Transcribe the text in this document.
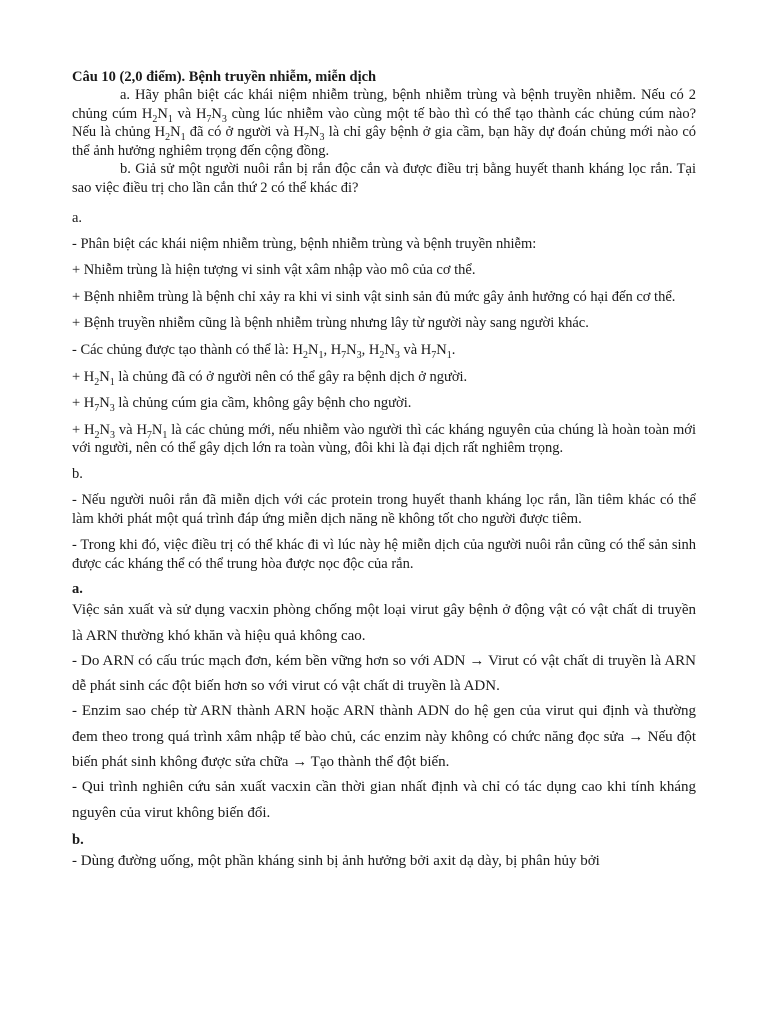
Câu 10 (2,0 điểm). Bệnh truyền nhiễm, miễn dịch

a. Hãy phân biệt các khái niệm nhiễm trùng, bệnh nhiễm trùng và bệnh truyền nhiễm. Nếu có 2 chủng cúm $H_2N_1$ và $H_7N_3$ cùng lúc nhiễm vào cùng một tế bào thì có thể tạo thành các chủng cúm nào? Nếu là chủng $H_2N_1$ đã có ở người và $H_7N_3$ là chỉ gây bệnh ở gia cầm, bạn hãy dự đoán chủng mới nào có thể ảnh hưởng nghiêm trọng đến cộng đồng.

b. Giả sử một người nuôi rắn bị rắn độc cắn và được điều trị bằng huyết thanh kháng lọc rắn. Tại sao việc điều trị cho lần cắn thứ 2 có thể khác đi?

a.

- Phân biệt các khái niệm nhiễm trùng, bệnh nhiễm trùng và bệnh truyền nhiễm:

+ Nhiễm trùng là hiện tượng vi sinh vật xâm nhập vào mô của cơ thể.

+ Bệnh nhiễm trùng là bệnh chỉ xảy ra khi vi sinh vật sinh sản đủ mức gây ảnh hưởng có hại đến cơ thể.

+ Bệnh truyền nhiễm cũng là bệnh nhiễm trùng nhưng lây từ người này sang người khác.

- Các chủng được tạo thành có thể là: $H_2N_1$, $H_7N_3$, $H_2N_3$ và $H_7N_1$.

+ $H_2N_1$ là chủng đã có ở người nên có thể gây ra bệnh dịch ở người.

+ $H_7N_3$ là chủng cúm gia cầm, không gây bệnh cho người.

+ $H_2N_3$ và $H_7N_1$ là các chủng mới, nếu nhiễm vào người thì các kháng nguyên của chúng là hoàn toàn mới với người, nên có thể gây dịch lớn ra toàn vùng, đôi khi là đại dịch rất nghiêm trọng.

b.

- Nếu người nuôi rắn đã miễn dịch với các protein trong huyết thanh kháng lọc rắn, lần tiêm khác có thể làm khởi phát một quá trình đáp ứng miễn dịch năng nề không tốt cho người được tiêm.

- Trong khi đó, việc điều trị có thể khác đi vì lúc này hệ miễn dịch của người nuôi rắn cũng có thể sản sinh được các kháng thể có thể trung hòa được nọc độc của rắn.

a.

Việc sản xuất và sử dụng vacxin phòng chống một loại virut gây bệnh ở động vật có vật chất di truyền là ARN thường khó khăn và hiệu quả không cao.

- Do ARN có cấu trúc mạch đơn, kém bền vững hơn so với ADN → Virut có vật chất di truyền là ARN dễ phát sinh các đột biến hơn so với virut có vật chất di truyền là ADN.

- Enzim sao chép từ ARN thành ARN hoặc ARN thành ADN do hệ gen của virut qui định và thường đem theo trong quá trình xâm nhập tế bào chủ, các enzim này không có chức năng đọc sửa → Nếu đột biến phát sinh không được sửa chữa → Tạo thành thể đột biến.

- Qui trình nghiên cứu sản xuất vacxin cần thời gian nhất định và chỉ có tác dụng cao khi tính kháng nguyên của virut không biến đổi.

b.

- Dùng đường uống, một phần kháng sinh bị ảnh hưởng bởi axit dạ dày, bị phân hủy bởi
